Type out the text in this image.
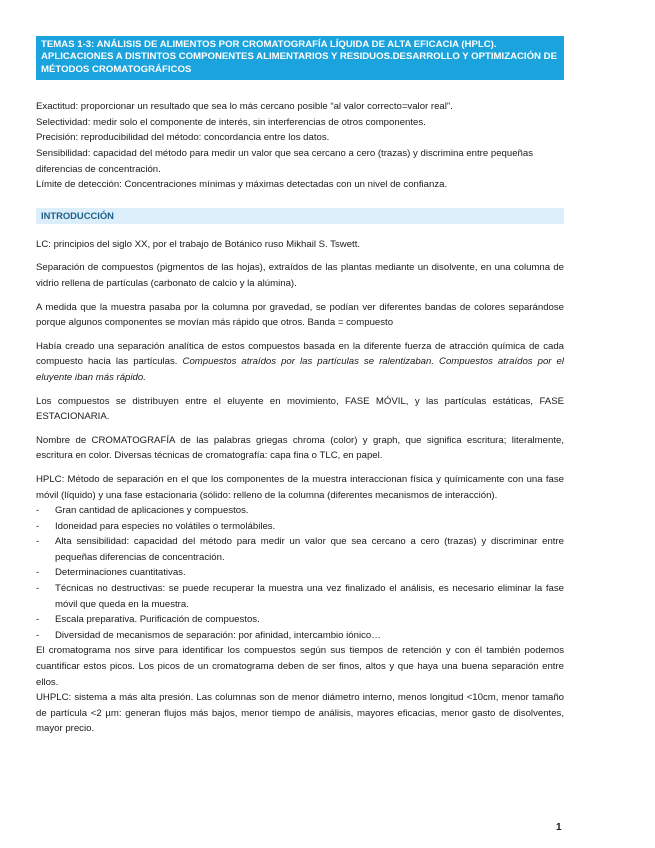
TEMAS 1-3: ANÁLISIS DE ALIMENTOS POR CROMATOGRAFÍA LÍQUIDA DE ALTA EFICACIA (HPLC). APLICACIONES A DISTINTOS COMPONENTES ALIMENTARIOS Y RESIDUOS.DESARROLLO Y OPTIMIZACIÓN DE MÉTODOS CROMATOGRÁFICOS

Exactitud: proporcionar un resultado que sea lo más cercano posible “al valor correcto=valor real”.

Selectividad: medir solo el componente de interés, sin interferencias de otros componentes.

Precisión: reproducibilidad del método: concordancia entre los datos.

Sensibilidad: capacidad del método para medir un valor que sea cercano a cero (trazas) y discrimina entre pequeñas diferencias de concentración.

Límite de detección: Concentraciones mínimas y máximas detectadas con un nivel de confianza.

INTRODUCCIÓN

LC: principios del siglo XX, por el trabajo de Botánico ruso Mikhail S. Tswett.

Separación de compuestos (pigmentos de las hojas), extraídos de las plantas mediante un disolvente, en una columna de vidrio rellena de partículas (carbonato de calcio y la alúmina).

A medida que la muestra pasaba por la columna por gravedad, se podían ver diferentes bandas de colores separándose porque algunos componentes se movían más rápido que otros. Banda = compuesto

Había creado una separación analítica de estos compuestos basada en la diferente fuerza de atracción química de cada compuesto hacia las partículas. Compuestos atraídos por las partículas se ralentizaban. Compuestos atraídos por el eluyente iban más rápido.

Los compuestos se distribuyen entre el eluyente en movimiento, FASE MÓVIL, y las partículas estáticas, FASE ESTACIONARIA.

Nombre de CROMATOGRAFÍA de las palabras griegas chroma (color) y graph, que significa escritura; literalmente, escritura en color. Diversas técnicas de cromatografía: capa fina o TLC, en papel.

HPLC: Método de separación en el que los componentes de la muestra interaccionan física y químicamente con una fase móvil (líquido) y una fase estacionaria (sólido: relleno de la columna (diferentes mecanismos de interacción).

- Gran cantidad de aplicaciones y compuestos.
- Idoneidad para especies no volátiles o termolábiles.
- Alta sensibilidad: capacidad del método para medir un valor que sea cercano a cero (trazas) y discriminar entre pequeñas diferencias de concentración.
- Determinaciones cuantitativas.
- Técnicas no destructivas: se puede recuperar la muestra una vez finalizado el análisis, es necesario eliminar la fase móvil que queda en la muestra.
- Escala preparativa. Purificación de compuestos.
- Diversidad de mecanismos de separación: por afinidad, intercambio iónico…

El cromatograma nos sirve para identificar los compuestos según sus tiempos de retención y con él también podemos cuantificar estos picos. Los picos de un cromatograma deben de ser finos, altos y que haya una buena separación entre ellos.

UHPLC: sistema a más alta presión. Las columnas son de menor diámetro interno, menos longitud <10cm, menor tamaño de partícula <2 µm: generan flujos más bajos, menor tiempo de análisis, mayores eficacias, menor gasto de disolventes, mayor precio.

1
